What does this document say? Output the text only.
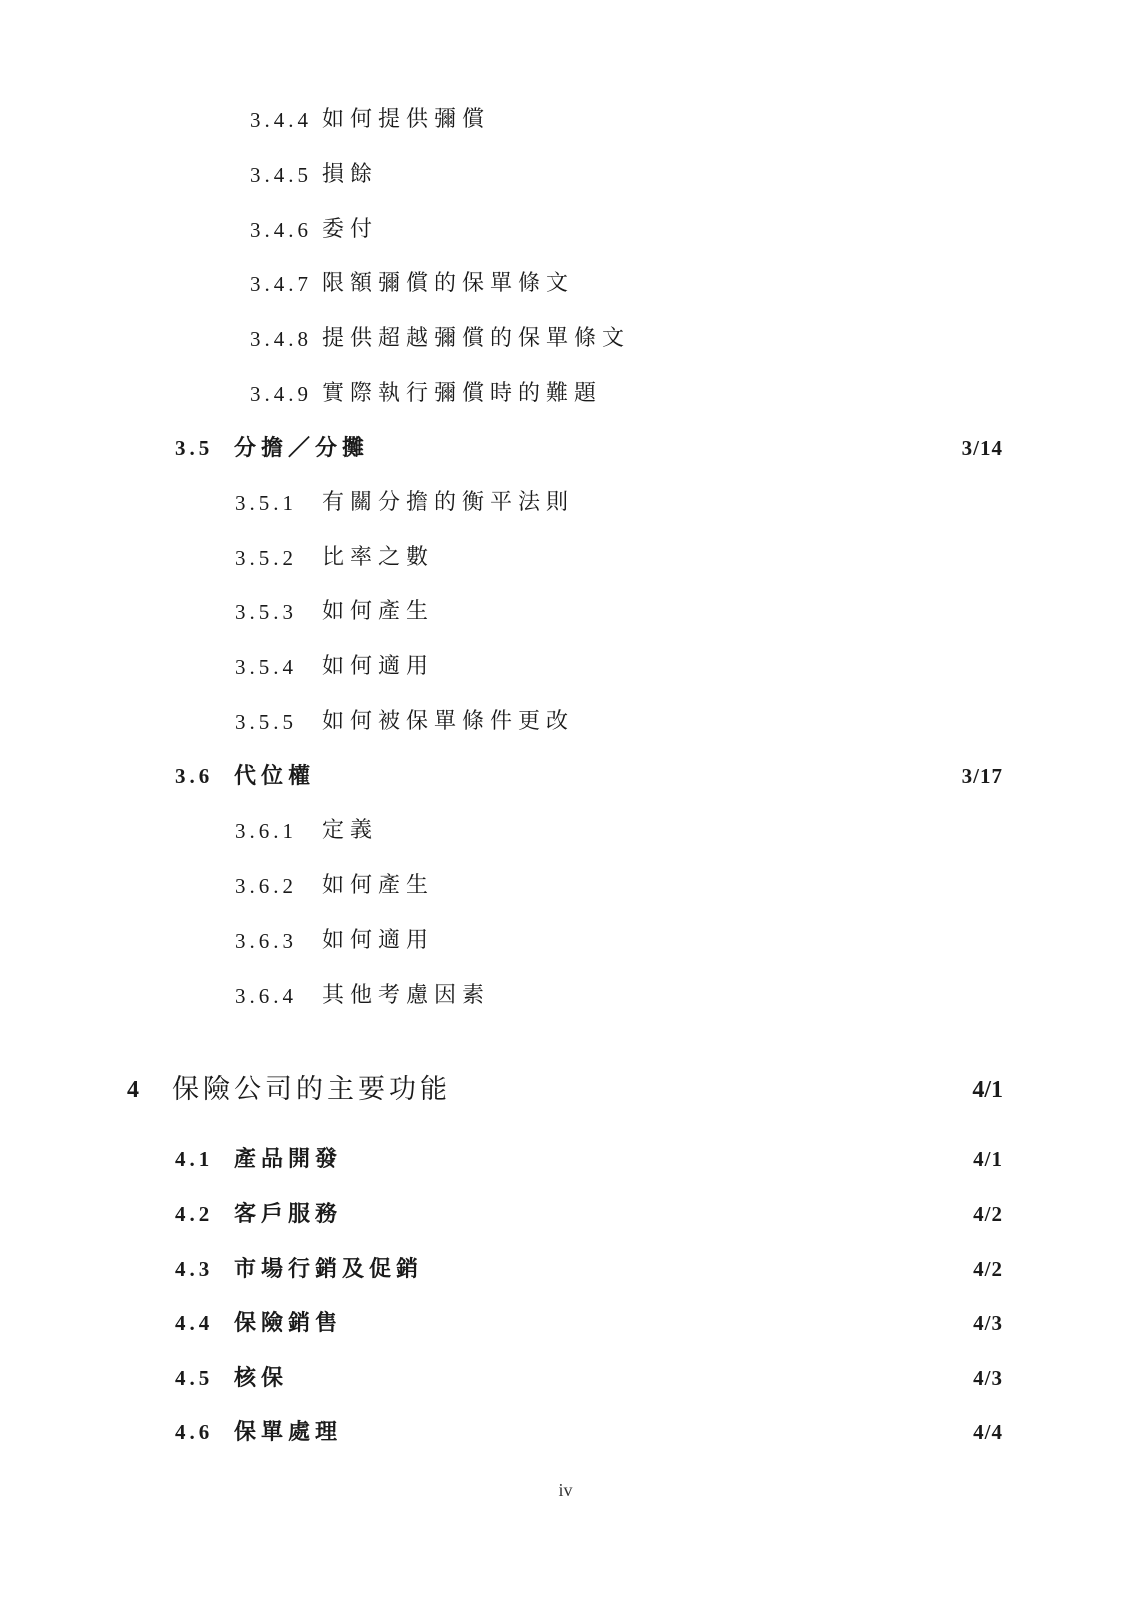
3.4.4 如何提供彌償
3.4.5 損餘
3.4.6 委付
3.4.7 限額彌償的保單條文
3.4.8 提供超越彌償的保單條文
3.4.9 實際執行彌償時的難題
3.5 分擔／分攤	3/14
3.5.1 有關分擔的衡平法則
3.5.2 比率之數
3.5.3 如何產生
3.5.4 如何適用
3.5.5 如何被保單條件更改
3.6 代位權	3/17
3.6.1 定義
3.6.2 如何產生
3.6.3 如何適用
3.6.4 其他考慮因素
4 保險公司的主要功能	4/1
4.1 產品開發	4/1
4.2 客戶服務	4/2
4.3 市場行銷及促銷	4/2
4.4 保險銷售	4/3
4.5 核保	4/3
4.6 保單處理	4/4
iv
